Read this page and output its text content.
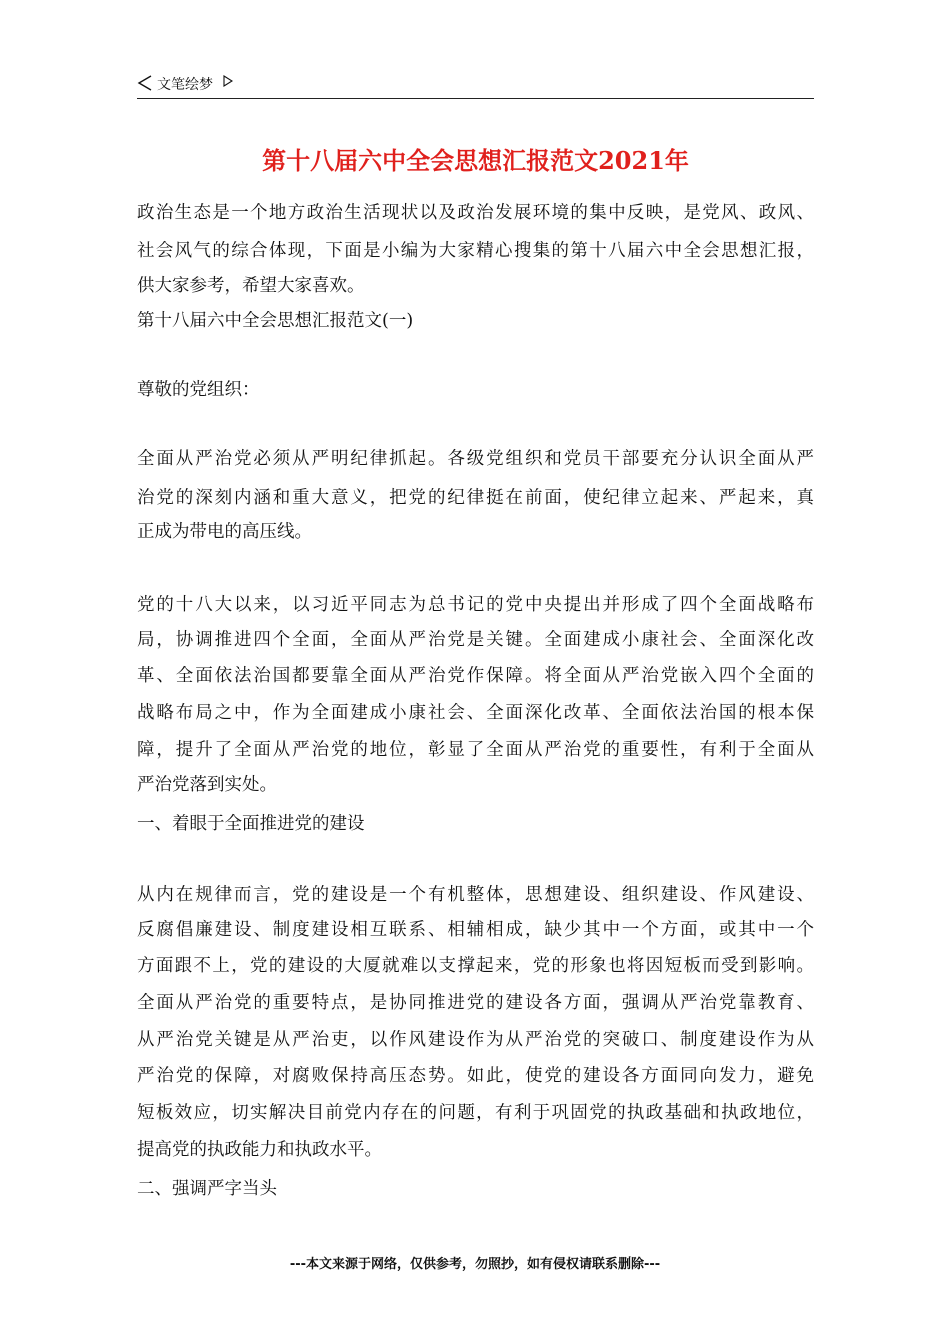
文笔绘梦
第十八届六中全会思想汇报范文2021年
政治生态是一个地方政治生活现状以及政治发展环境的集中反映，是党风、政风、
社会风气的综合体现，下面是小编为大家精心搜集的第十八届六中全会思想汇报，
供大家参考，希望大家喜欢。
第十八届六中全会思想汇报范文(一)
尊敬的党组织：
全面从严治党必须从严明纪律抓起。各级党组织和党员干部要充分认识全面从严
治党的深刻内涵和重大意义，把党的纪律挺在前面，使纪律立起来、严起来，真
正成为带电的高压线。
党的十八大以来，以习近平同志为总书记的党中央提出并形成了四个全面战略布
局，协调推进四个全面，全面从严治党是关键。全面建成小康社会、全面深化改
革、全面依法治国都要靠全面从严治党作保障。将全面从严治党嵌入四个全面的
战略布局之中，作为全面建成小康社会、全面深化改革、全面依法治国的根本保
障，提升了全面从严治党的地位，彰显了全面从严治党的重要性，有利于全面从
严治党落到实处。
一、着眼于全面推进党的建设
从内在规律而言，党的建设是一个有机整体，思想建设、组织建设、作风建设、
反腐倡廉建设、制度建设相互联系、相辅相成，缺少其中一个方面，或其中一个
方面跟不上，党的建设的大厦就难以支撑起来，党的形象也将因短板而受到影响。
全面从严治党的重要特点，是协同推进党的建设各方面，强调从严治党靠教育、
从严治党关键是从严治吏，以作风建设作为从严治党的突破口、制度建设作为从
严治党的保障，对腐败保持高压态势。如此，使党的建设各方面同向发力，避免
短板效应，切实解决目前党内存在的问题，有利于巩固党的执政基础和执政地位，
提高党的执政能力和执政水平。
二、强调严字当头
---本文来源于网络，仅供参考，勿照抄，如有侵权请联系删除---
